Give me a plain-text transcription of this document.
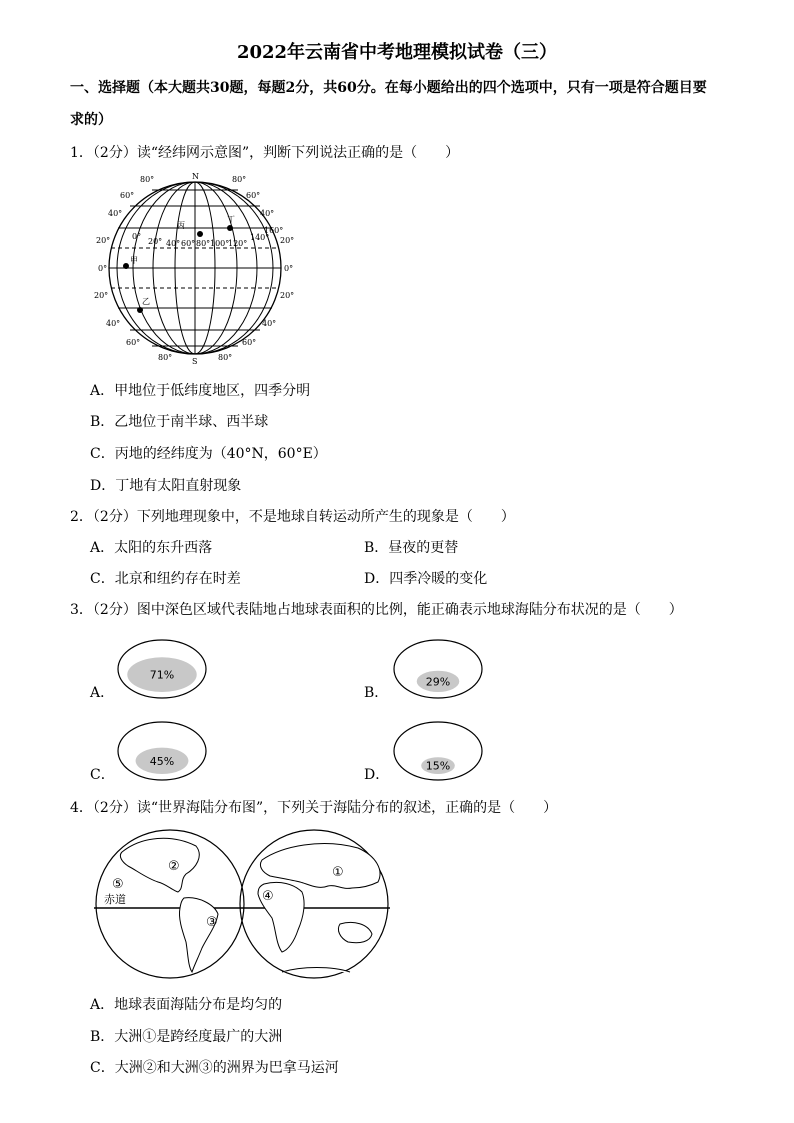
2022年云南省中考地理模拟试卷（三）
一、选择题（本大题共30题，每题2分，共60分。在每小题给出的四个选项中，只有一项是符合题目要
求的）
1．（2分）读“经纬网示意图”，判断下列说法正确的是（　　）
N
S
甲
乙
丙
丁
80°
60°
40°
20°
0°
20°
40°
60°
80°
80°
60°
40°
20°
0°
20°
40°
60°
80°
0°
20° 40° 60° 80° 100°
120°
140°
160°
A．甲地位于低纬度地区，四季分明
B．乙地位于南半球、西半球
C．丙地的经纬度为（40°N，60°E）
D．丁地有太阳直射现象
2．（2分）下列地理现象中，不是地球自转运动所产生的现象是（　　）
A．太阳的东升西落	B．昼夜的更替
C．北京和纽约存在时差	D．四季冷暖的变化
3．（2分）图中深色区域代表陆地占地球表面积的比例，能正确表示地球海陆分布状况的是（　　）
A．
71%
B．
29%
C．
45%
D．
15%
4．（2分）读“世界海陆分布图”，下列关于海陆分布的叙述，正确的是（　　）
①
②
③
④
⑤
赤道
A．地球表面海陆分布是均匀的
B．大洲①是跨经度最广的大洲
C．大洲②和大洲③的洲界为巴拿马运河
